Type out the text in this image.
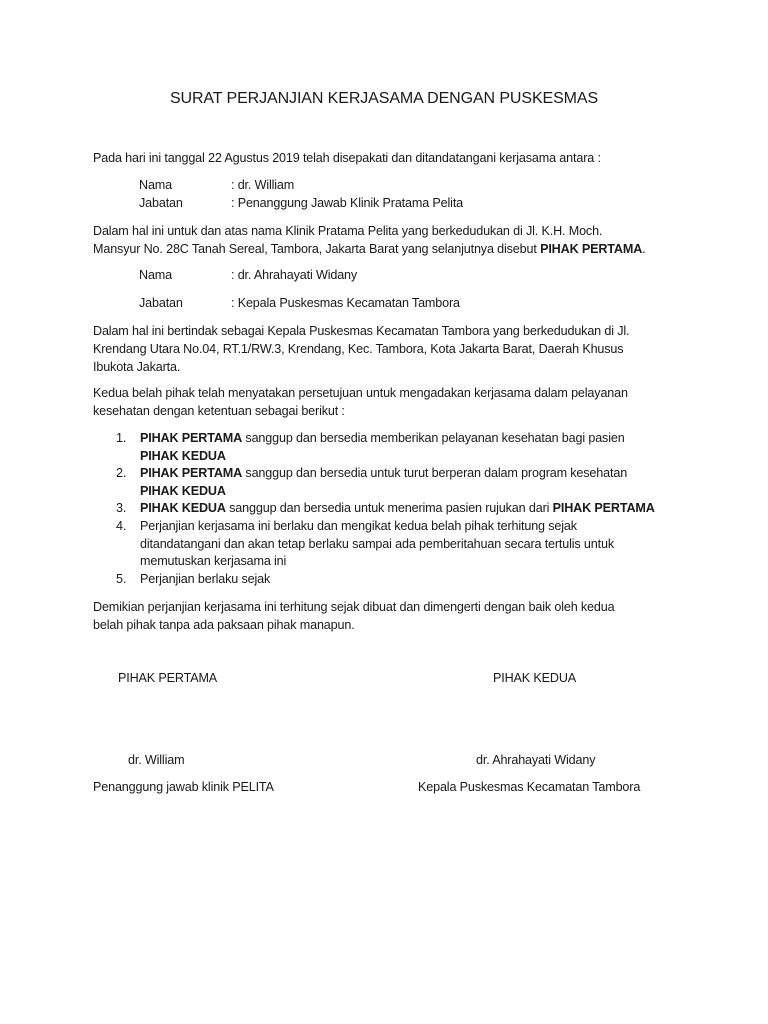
SURAT PERJANJIAN KERJASAMA DENGAN PUSKESMAS
Pada hari ini tanggal 22 Agustus 2019 telah disepakati dan ditandatangani kerjasama antara :
Nama	: dr. William
Jabatan	: Penanggung Jawab Klinik Pratama Pelita
Dalam hal ini untuk dan atas nama Klinik Pratama Pelita yang berkedudukan di Jl. K.H. Moch.
Mansyur No. 28C Tanah Sereal, Tambora, Jakarta Barat yang selanjutnya disebut PIHAK PERTAMA.
Nama	: dr. Ahrahayati Widany
Jabatan	: Kepala Puskesmas Kecamatan Tambora
Dalam hal ini bertindak sebagai Kepala Puskesmas Kecamatan Tambora yang berkedudukan di Jl.
Krendang Utara No.04, RT.1/RW.3, Krendang, Kec. Tambora, Kota Jakarta Barat, Daerah Khusus
Ibukota Jakarta.
Kedua belah pihak telah menyatakan persetujuan untuk mengadakan kerjasama dalam pelayanan
kesehatan dengan ketentuan sebagai berikut :
1. PIHAK PERTAMA sanggup dan bersedia memberikan pelayanan kesehatan bagi pasien
PIHAK KEDUA
2. PIHAK PERTAMA sanggup dan bersedia untuk turut berperan dalam program kesehatan
PIHAK KEDUA
3. PIHAK KEDUA sanggup dan bersedia untuk menerima pasien rujukan dari PIHAK PERTAMA
4. Perjanjian kerjasama ini berlaku dan mengikat kedua belah pihak terhitung sejak
ditandatangani dan akan tetap berlaku sampai ada pemberitahuan secara tertulis untuk
memutuskan kerjasama ini
5. Perjanjian berlaku sejak
Demikian perjanjian kerjasama ini terhitung sejak dibuat dan dimengerti dengan baik oleh kedua
belah pihak tanpa ada paksaan pihak manapun.
PIHAK PERTAMA	PIHAK KEDUA
dr. William	dr. Ahrahayati Widany
Penanggung jawab klinik PELITA	Kepala Puskesmas Kecamatan Tambora
